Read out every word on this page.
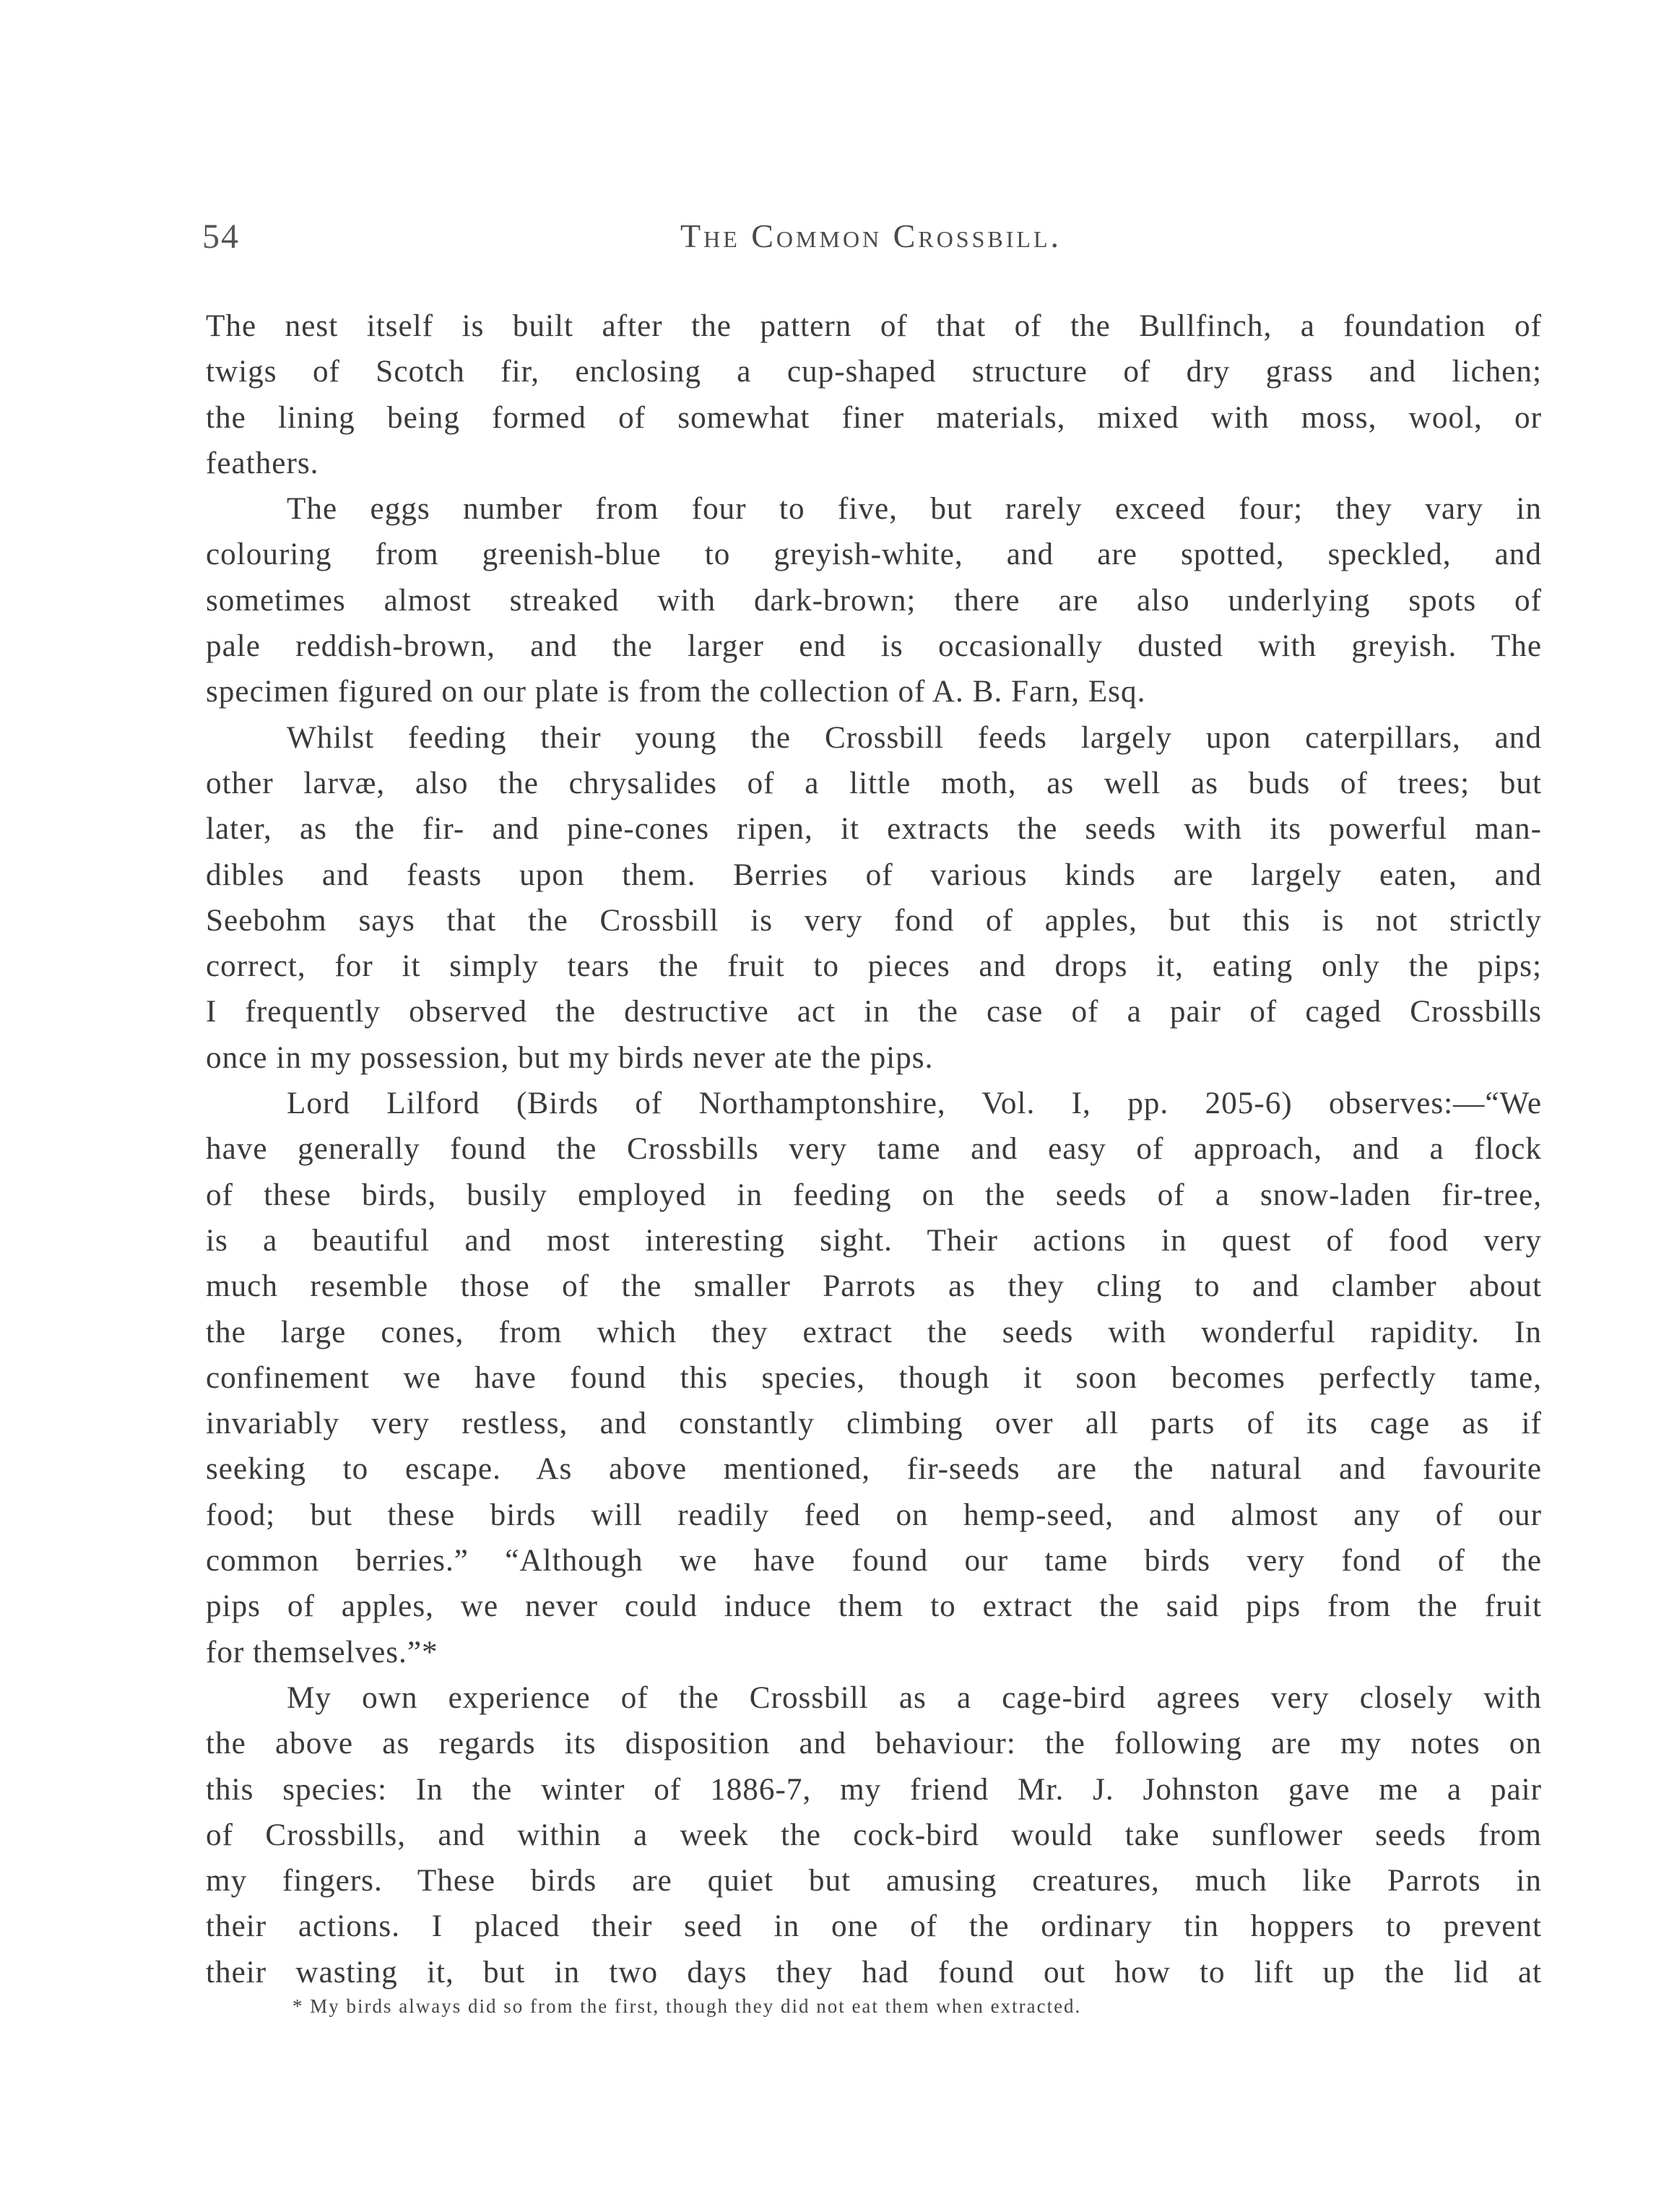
54	The Common Crossbill.
The nest itself is built after the pattern of that of the Bullfinch, a foundation of
twigs of Scotch fir, enclosing a cup-shaped structure of dry grass and lichen;
the lining being formed of somewhat finer materials, mixed with moss, wool, or
feathers.
The eggs number from four to five, but rarely exceed four; they vary in
colouring from greenish-blue to greyish-white, and are spotted, speckled, and
sometimes almost streaked with dark-brown; there are also underlying spots of
pale reddish-brown, and the larger end is occasionally dusted with greyish. The
specimen figured on our plate is from the collection of A. B. Farn, Esq.
Whilst feeding their young the Crossbill feeds largely upon caterpillars, and
other larvæ, also the chrysalides of a little moth, as well as buds of trees; but
later, as the fir- and pine-cones ripen, it extracts the seeds with its powerful man-
dibles and feasts upon them. Berries of various kinds are largely eaten, and
Seebohm says that the Crossbill is very fond of apples, but this is not strictly
correct, for it simply tears the fruit to pieces and drops it, eating only the pips;
I frequently observed the destructive act in the case of a pair of caged Crossbills
once in my possession, but my birds never ate the pips.
Lord Lilford (Birds of Northamptonshire, Vol. I, pp. 205-6) observes:—“We
have generally found the Crossbills very tame and easy of approach, and a flock
of these birds, busily employed in feeding on the seeds of a snow-laden fir-tree,
is a beautiful and most interesting sight. Their actions in quest of food very
much resemble those of the smaller Parrots as they cling to and clamber about
the large cones, from which they extract the seeds with wonderful rapidity. In
confinement we have found this species, though it soon becomes perfectly tame,
invariably very restless, and constantly climbing over all parts of its cage as if
seeking to escape. As above mentioned, fir-seeds are the natural and favourite
food; but these birds will readily feed on hemp-seed, and almost any of our
common berries.” “Although we have found our tame birds very fond of the
pips of apples, we never could induce them to extract the said pips from the fruit
for themselves.”*
My own experience of the Crossbill as a cage-bird agrees very closely with
the above as regards its disposition and behaviour: the following are my notes on
this species: In the winter of 1886-7, my friend Mr. J. Johnston gave me a pair
of Crossbills, and within a week the cock-bird would take sunflower seeds from
my fingers. These birds are quiet but amusing creatures, much like Parrots in
their actions. I placed their seed in one of the ordinary tin hoppers to prevent
their wasting it, but in two days they had found out how to lift up the lid at
* My birds always did so from the first, though they did not eat them when extracted.
